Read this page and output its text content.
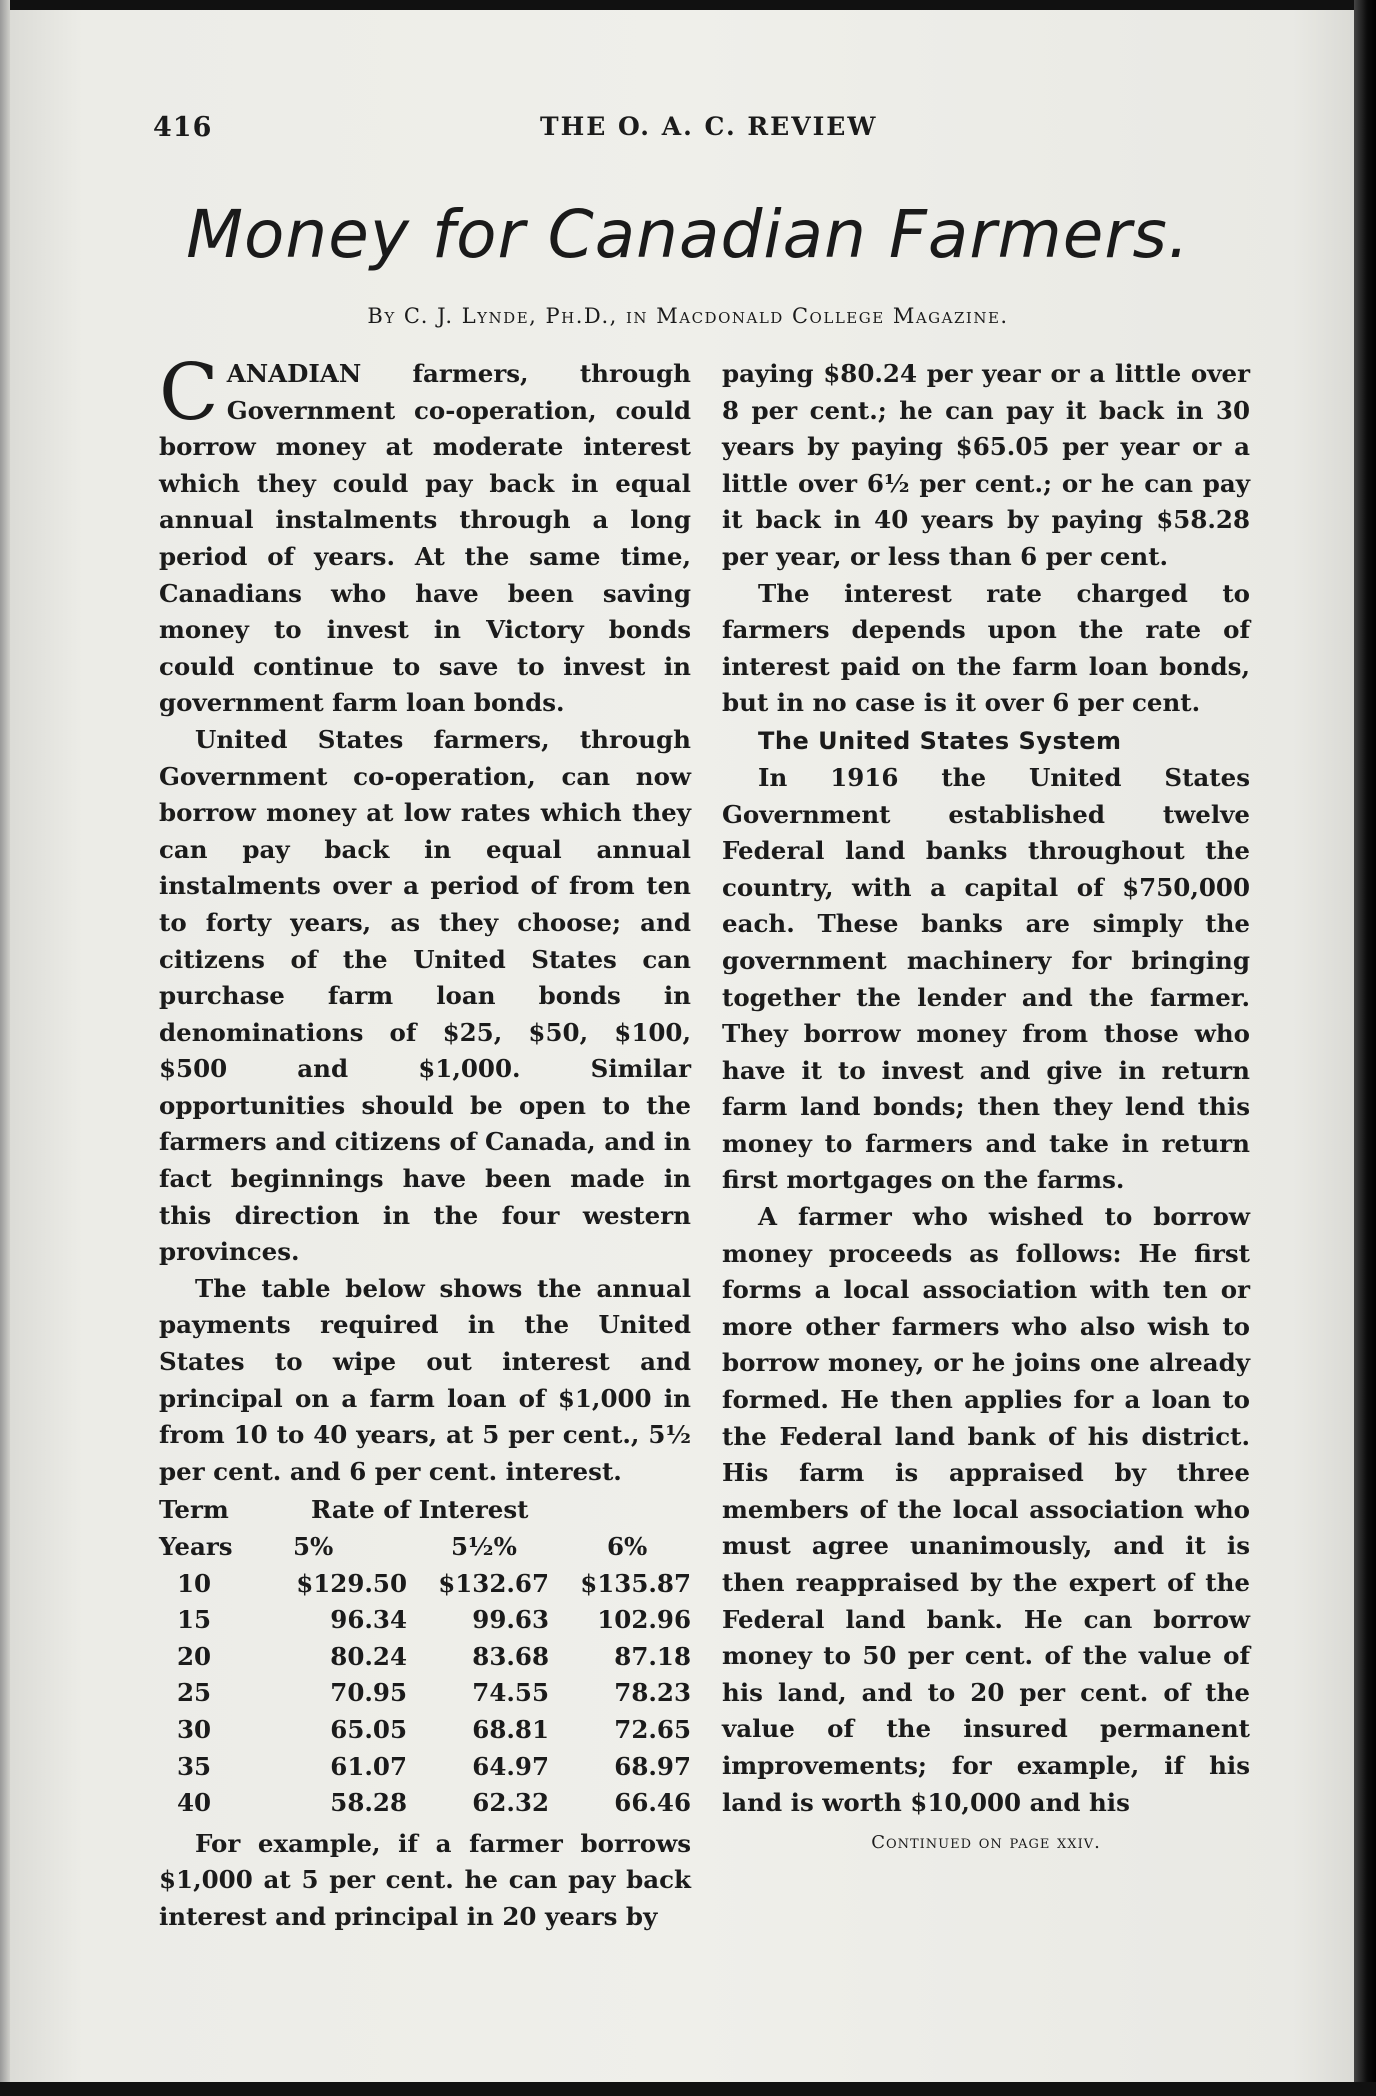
416	THE O. A. C. REVIEW
Money for Canadian Farmers.
By C. J. Lynde, Ph.D., in Macdonald College Magazine.

CANADIAN farmers, through Government co-operation, could borrow money at moderate interest which they could pay back in equal annual instalments through a long period of years. At the same time, Canadians who have been saving money to invest in Victory bonds could continue to save to invest in government farm loan bonds.

United States farmers, through Government co-operation, can now borrow money at low rates which they can pay back in equal annual instalments over a period of from ten to forty years, as they choose; and citizens of the United States can purchase farm loan bonds in denominations of $25, $50, $100, $500 and $1,000. Similar opportunities should be open to the farmers and citizens of Canada, and in fact beginnings have been made in this direction in the four western provinces.

The table below shows the annual payments required in the United States to wipe out interest and principal on a farm loan of $1,000 in from 10 to 40 years, at 5 per cent., 5½ per cent. and 6 per cent. interest.

Term	Rate of Interest		
Years	5%	5½%	6%
10	$129.50	$132.67	$135.87
15	96.34	99.63	102.96
20	80.24	83.68	87.18
25	70.95	74.55	78.23
30	65.05	68.81	72.65
35	61.07	64.97	68.97
40	58.28	62.32	66.46

For example, if a farmer borrows $1,000 at 5 per cent. he can pay back interest and principal in 20 years by

paying $80.24 per year or a little over 8 per cent.; he can pay it back in 30 years by paying $65.05 per year or a little over 6½ per cent.; or he can pay it back in 40 years by paying $58.28 per year, or less than 6 per cent.

The interest rate charged to farmers depends upon the rate of interest paid on the farm loan bonds, but in no case is it over 6 per cent.

The United States System

In 1916 the United States Government established twelve Federal land banks throughout the country, with a capital of $750,000 each. These banks are simply the government machinery for bringing together the lender and the farmer. They borrow money from those who have it to invest and give in return farm land bonds; then they lend this money to farmers and take in return first mortgages on the farms.

A farmer who wished to borrow money proceeds as follows: He first forms a local association with ten or more other farmers who also wish to borrow money, or he joins one already formed. He then applies for a loan to the Federal land bank of his district. His farm is appraised by three members of the local association who must agree unanimously, and it is then reappraised by the expert of the Federal land bank. He can borrow money to 50 per cent. of the value of his land, and to 20 per cent. of the value of the insured permanent improvements; for example, if his land is worth $10,000 and his

Continued on page xxiv.
